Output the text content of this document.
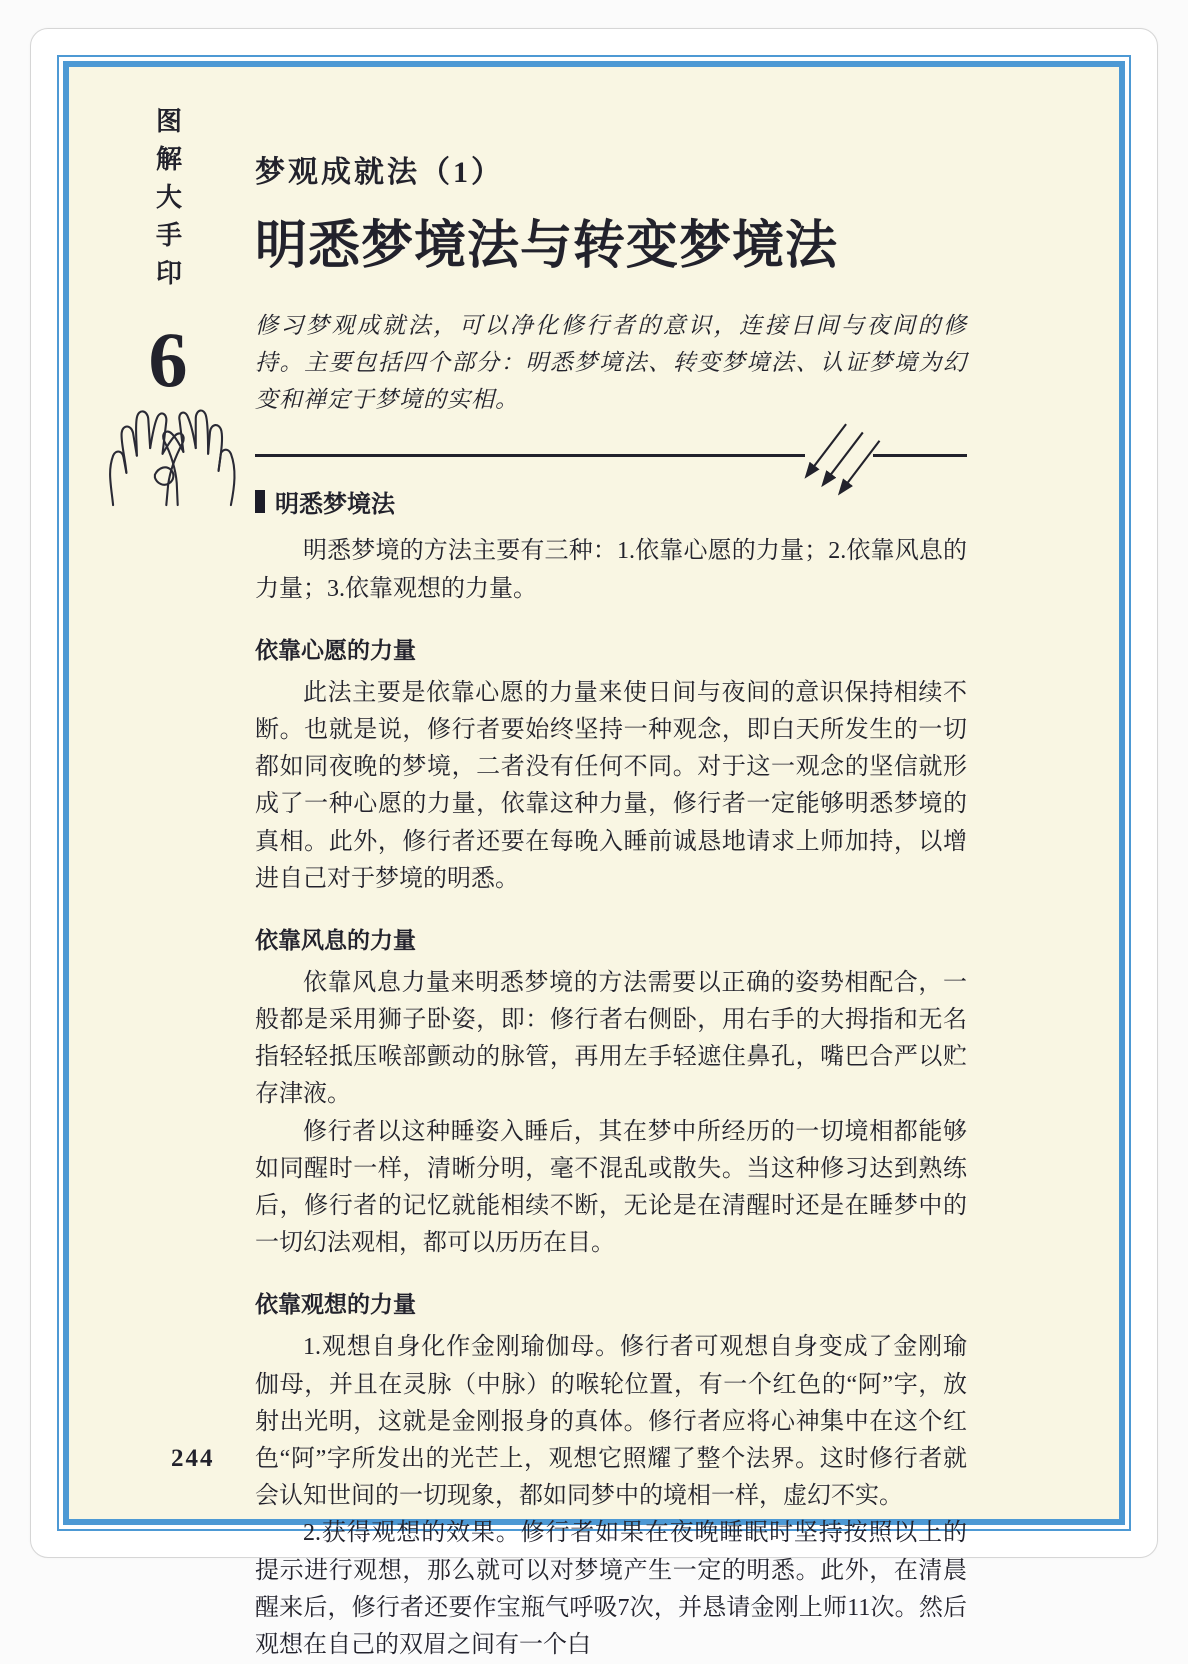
图解大手印
6
244
梦观成就法（1）
明悉梦境法与转变梦境法

修习梦观成就法，可以净化修行者的意识，连接日间与夜间的修持。主要包括四个部分：明悉梦境法、转变梦境法、认证梦境为幻变和禅定于梦境的实相。

明悉梦境法

明悉梦境的方法主要有三种：1.依靠心愿的力量；2.依靠风息的力量；3.依靠观想的力量。

依靠心愿的力量

此法主要是依靠心愿的力量来使日间与夜间的意识保持相续不断。也就是说，修行者要始终坚持一种观念，即白天所发生的一切都如同夜晚的梦境，二者没有任何不同。对于这一观念的坚信就形成了一种心愿的力量，依靠这种力量，修行者一定能够明悉梦境的真相。此外，修行者还要在每晚入睡前诚恳地请求上师加持，以增进自己对于梦境的明悉。

依靠风息的力量

依靠风息力量来明悉梦境的方法需要以正确的姿势相配合，一般都是采用狮子卧姿，即：修行者右侧卧，用右手的大拇指和无名指轻轻抵压喉部颤动的脉管，再用左手轻遮住鼻孔，嘴巴合严以贮存津液。

修行者以这种睡姿入睡后，其在梦中所经历的一切境相都能够如同醒时一样，清晰分明，毫不混乱或散失。当这种修习达到熟练后，修行者的记忆就能相续不断，无论是在清醒时还是在睡梦中的一切幻法观相，都可以历历在目。

依靠观想的力量

1.观想自身化作金刚瑜伽母。修行者可观想自身变成了金刚瑜伽母，并且在灵脉（中脉）的喉轮位置，有一个红色的“阿”字，放射出光明，这就是金刚报身的真体。修行者应将心神集中在这个红色“阿”字所发出的光芒上，观想它照耀了整个法界。这时修行者就会认知世间的一切现象，都如同梦中的境相一样，虚幻不实。

2.获得观想的效果。修行者如果在夜晚睡眠时坚持按照以上的提示进行观想，那么就可以对梦境产生一定的明悉。此外，在清晨醒来后，修行者还要作宝瓶气呼吸7次，并恳请金刚上师11次。然后观想在自己的双眉之间有一个白
